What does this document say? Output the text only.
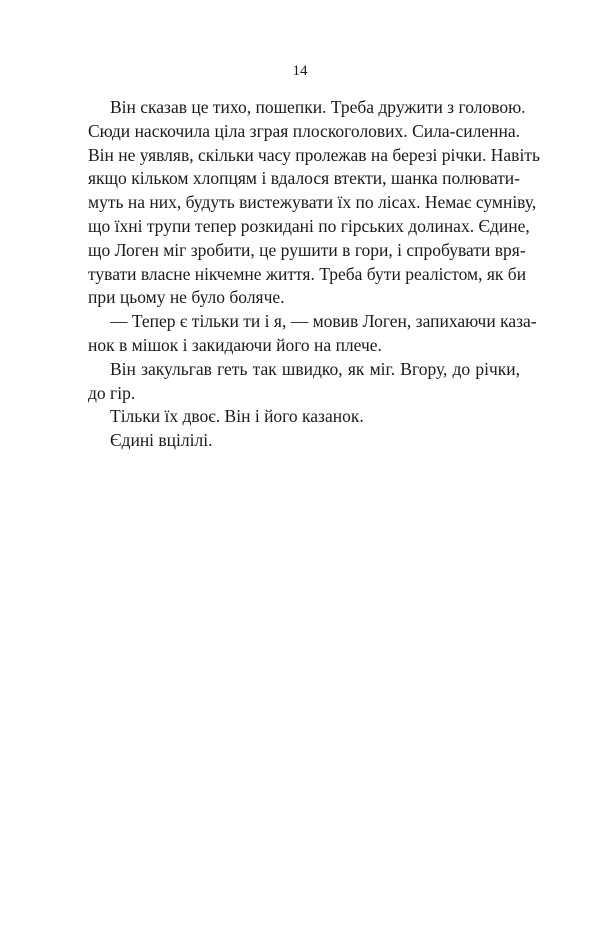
14
Він сказав це тихо, пошепки. Треба дружити з головою.
Сюди наскочила ціла зграя плоскоголових. Сила-силенна.
Він не уявляв, скільки часу пролежав на березі річки. Навіть
якщо кільком хлопцям і вдалося втекти, шанка полювати-
муть на них, будуть вистежувати їх по лісах. Немає сумніву,
що їхні трупи тепер розкидані по гірських долинах. Єдине,
що Логен міг зробити, це рушити в гори, і спробувати вря-
тувати власне нікчемне життя. Треба бути реалістом, як би
при цьому не було боляче.
— Тепер є тільки ти і я, — мовив Логен, запихаючи каза-
нок в мішок і закидаючи його на плече.
Він закульгав геть так швидко, як міг. Вгору, до річки,
до гір.
Тільки їх двоє. Він і його казанок.
Єдині вцілілі.
